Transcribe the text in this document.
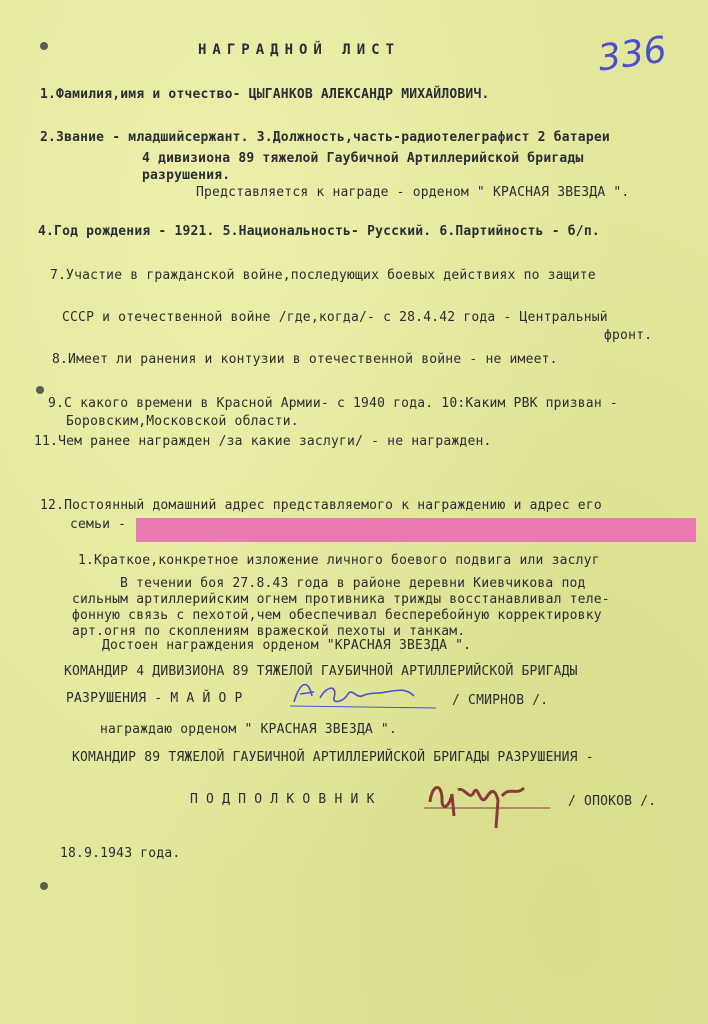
336
НАГРАДНОЙ ЛИСТ
1.Фамилия,имя и отчество- ЦЫГАНКОВ АЛЕКСАНДР МИХАЙЛОВИЧ.
2.Звание - младшийсержант. 3.Должность,часть-радиотелеграфист 2 батареи
4 дивизиона 89 тяжелой Гаубичной Артиллерийской бригады
разрушения.
Представляется к награде - орденом " КРАСНАЯ ЗВЕЗДА ".
4.Год рождения - 1921. 5.Национальность- Русский. 6.Партийность - б/п.
7.Участие в гражданской войне,последующих боевых действиях по защите
СССР и отечественной войне /где,когда/- с 28.4.42 года - Центральный
фронт.
8.Имеет ли ранения и контузии в отечественной войне - не имеет.
9.С какого времени в Красной Армии- с 1940 года. 10:Каким РВК призван -
Боровским,Московской области.
11.Чем ранее награжден /за какие заслуги/ - не награжден.
12.Постоянный домашний адрес представляемого к награждению и адрес его
семьи -
1.Краткое,конкретное изложение личного боевого подвига или заслуг
В течении боя 27.8.43 года в районе деревни Киевчикова под
сильным артиллерийским огнем противника трижды восстанавливал теле-
фонную связь с пехотой,чем обеспечивал бесперебойную корректировку
арт.огня по скоплениям вражеской пехоты и танкам.
Достоен награждения орденом "КРАСНАЯ ЗВЕЗДА ".
КОМАНДИР 4 ДИВИЗИОНА 89 ТЯЖЕЛОЙ ГАУБИЧНОЙ АРТИЛЛЕРИЙСКОЙ БРИГАДЫ
РАЗРУШЕНИЯ - М А Й О Р	/ СМИРНОВ /.
награждаю орденом " КРАСНАЯ ЗВЕЗДА ".
КОМАНДИР 89 ТЯЖЕЛОЙ ГАУБИЧНОЙ АРТИЛЛЕРИЙСКОЙ БРИГАДЫ РАЗРУШЕНИЯ -
П О Д П О Л К О В Н И К	/ ОПОКОВ /.
18.9.1943 года.
